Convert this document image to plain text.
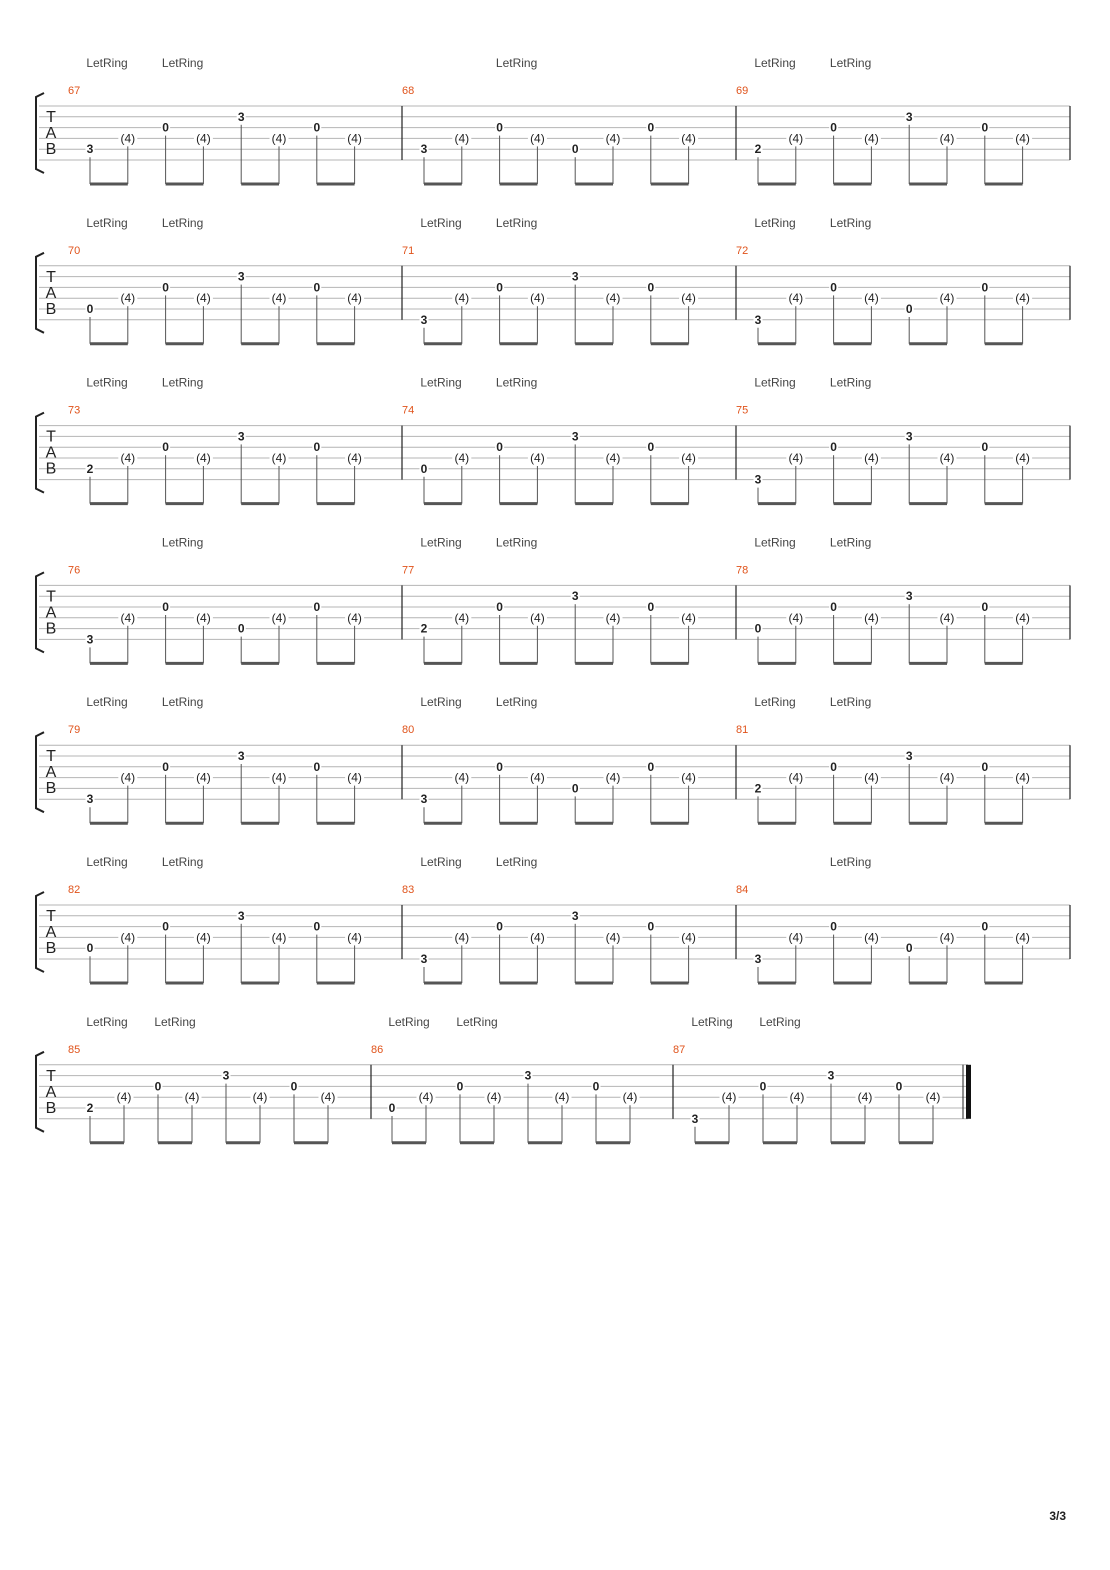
T
A
B
LetRing	LetRing	LetRing	LetRing	LetRing
67
3
(4)
0
(4)
3
(4)
0
(4)
68
3
(4)
0
(4)
0
(4)
0
(4)
69
2
(4)
0
(4)
3
(4)
0
(4)
T
A
B
LetRing	LetRing	LetRing	LetRing	LetRing	LetRing
70
0
(4)
0
(4)
3
(4)
0
(4)
71
3
(4)
0
(4)
3
(4)
0
(4)
72
3
(4)
0
(4)
0
(4)
0
(4)
T
A
B
LetRing	LetRing	LetRing	LetRing	LetRing	LetRing
73
2
(4)
0
(4)
3
(4)
0
(4)
74
0
(4)
0
(4)
3
(4)
0
(4)
75
3
(4)
0
(4)
3
(4)
0
(4)
T
A
B
LetRing	LetRing	LetRing	LetRing	LetRing
76
3
(4)
0
(4)
0
(4)
0
(4)
77
2
(4)
0
(4)
3
(4)
0
(4)
78
0
(4)
0
(4)
3
(4)
0
(4)
T
A
B
LetRing	LetRing	LetRing	LetRing	LetRing	LetRing
79
3
(4)
0
(4)
3
(4)
0
(4)
80
3
(4)
0
(4)
0
(4)
0
(4)
81
2
(4)
0
(4)
3
(4)
0
(4)
T
A
B
LetRing	LetRing	LetRing	LetRing	LetRing
82
0
(4)
0
(4)
3
(4)
0
(4)
83
3
(4)
0
(4)
3
(4)
0
(4)
84
3
(4)
0
(4)
0
(4)
0
(4)
T
A
B
LetRing LetRing	LetRing LetRing	LetRing LetRing
85
2
(4)
0
(4)
3
(4)
0
(4)
86
0
(4)
0
(4)
3
(4)
0
(4)
87
3
(4)
0
(4)
3
(4)
0
(4)
3/3
